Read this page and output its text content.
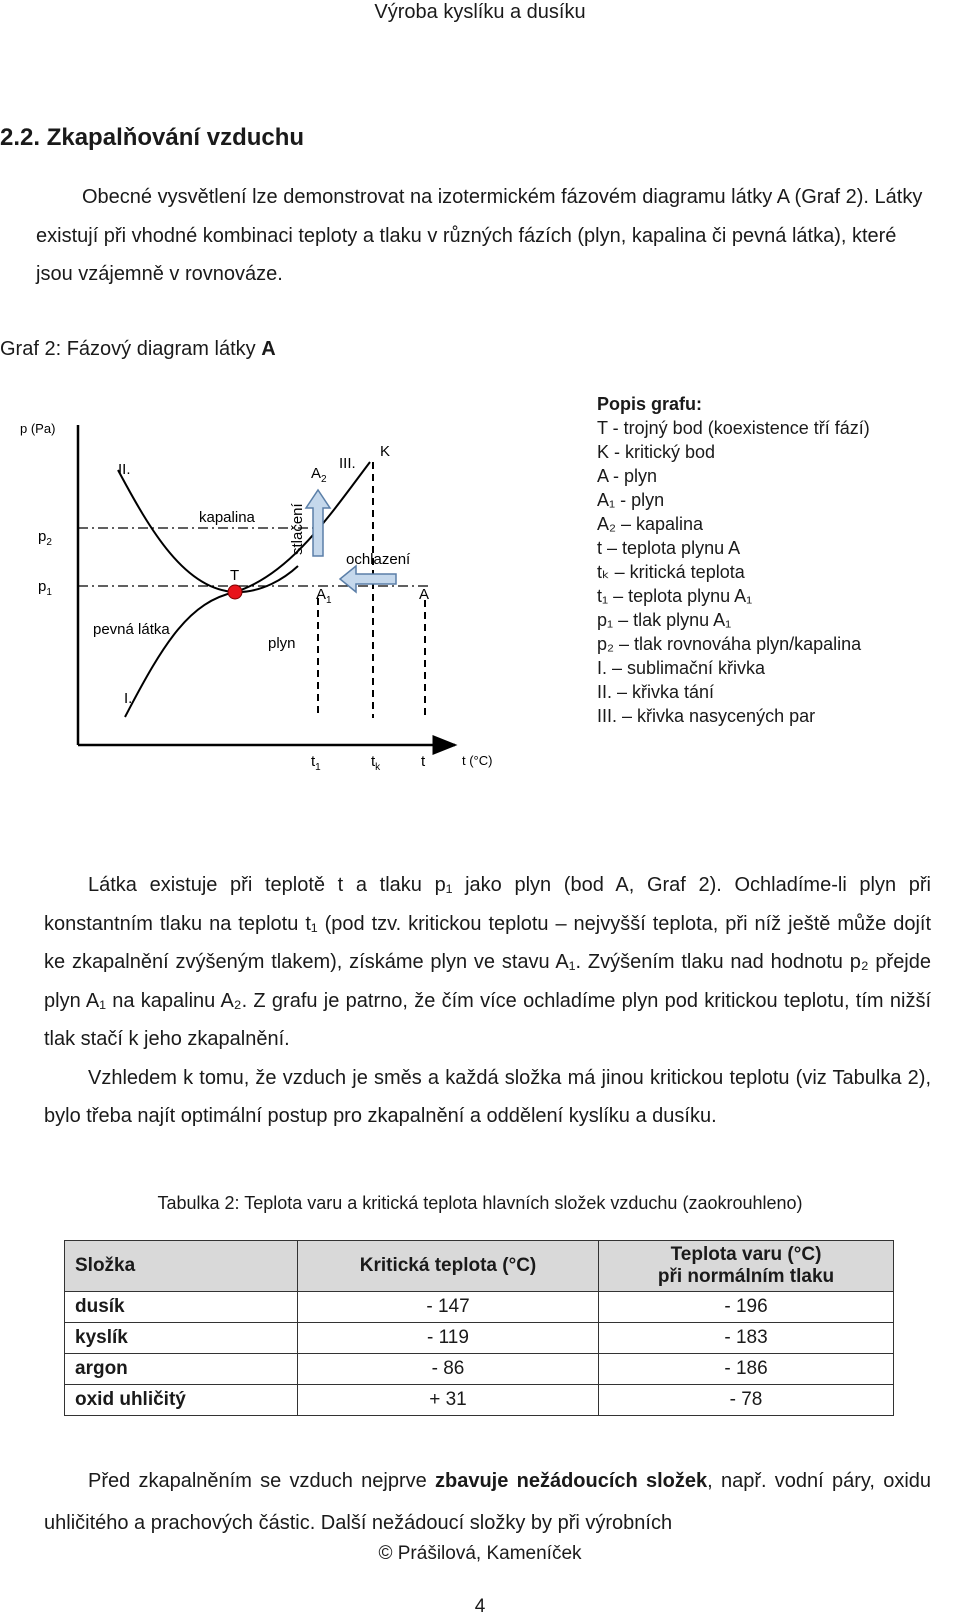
Výroba kyslíku a dusíku
2.2. Zkapalňování vzduchu
Obecné vysvětlení lze demonstrovat na izotermickém fázovém diagramu látky A (Graf 2). Látky existují při vhodné kombinaci teploty a tlaku v různých fázích (plyn, kapalina či pevná látka), které jsou vzájemně v rovnováze.
Graf 2: Fázový diagram látky A
p (Pa)
t (°C)
$p_2$
$p_1$
II.
I.
III.
K
T
kapalina
pevná látka
plyn
stlačení
ochlazení
$A_2$
$A_1$	A
$t_1$	$t_k$	t
Popis grafu:
T - trojný bod (koexistence tří fází)
K - kritický bod
A - plyn
A₁ - plyn
A₂ – kapalina
t – teplota plynu A
tₖ – kritická teplota
t₁ – teplota plynu A₁
p₁ – tlak plynu A₁
p₂ – tlak rovnováha plyn/kapalina
I. – sublimační křivka
II. – křivka tání
III. – křivka nasycených par

Látka existuje při teplotě t a tlaku p₁ jako plyn (bod A, Graf 2). Ochladíme-li plyn při konstantním tlaku na teplotu t₁ (pod tzv. kritickou teplotu – nejvyšší teplota, při níž ještě může dojít ke zkapalnění zvýšeným tlakem), získáme plyn ve stavu A₁. Zvýšením tlaku nad hodnotu p₂ přejde plyn A₁ na kapalinu A₂. Z grafu je patrno, že čím více ochladíme plyn pod kritickou teplotu, tím nižší tlak stačí k jeho zkapalnění.

Vzhledem k tomu, že vzduch je směs a každá složka má jinou kritickou teplotu (viz Tabulka 2), bylo třeba najít optimální postup pro zkapalnění a oddělení kyslíku a dusíku.

Tabulka 2: Teplota varu a kritická teplota hlavních složek vzduchu (zaokrouhleno)
Složka	Kritická teplota (°C)	Teplota varu (°C)
při normálním tlaku

dusík	- 147	- 196
kyslík	- 119	- 183
argon	- 86	- 186
oxid uhličitý	+ 31	- 78

Před zkapalněním se vzduch nejprve zbavuje nežádoucích složek, např. vodní páry, oxidu uhličitého a prachových částic. Další nežádoucí složky by při výrobních

© Prášilová, Kameníček
4
